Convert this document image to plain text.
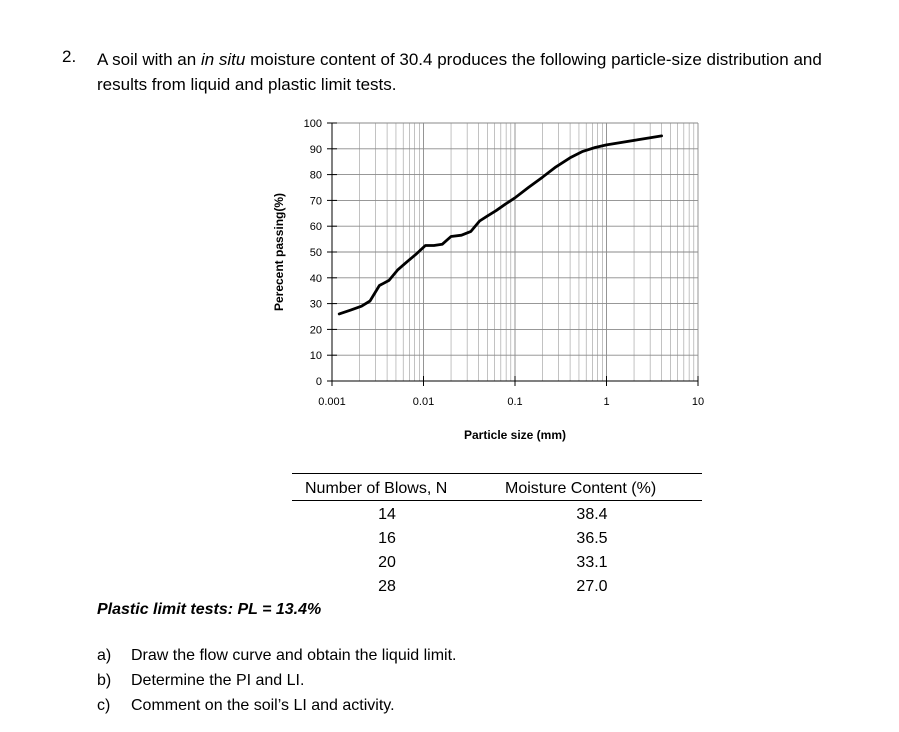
2. A soil with an in situ moisture content of 30.4 produces the following particle-size distribution and results from liquid and plastic limit tests.
0
10
20
30
40
50
60
70
80
90
100
0.001	0.01	0.1	1	10
Particle size (mm)
Perecent passing(%)
Number of Blows, N	Moisture Content (%)
14	38.4
16	36.5
20	33.1
28	27.0
Plastic limit tests: PL = 13.4%
a) Draw the flow curve and obtain the liquid limit.
b) Determine the PI and LI.
c) Comment on the soil’s LI and activity.
